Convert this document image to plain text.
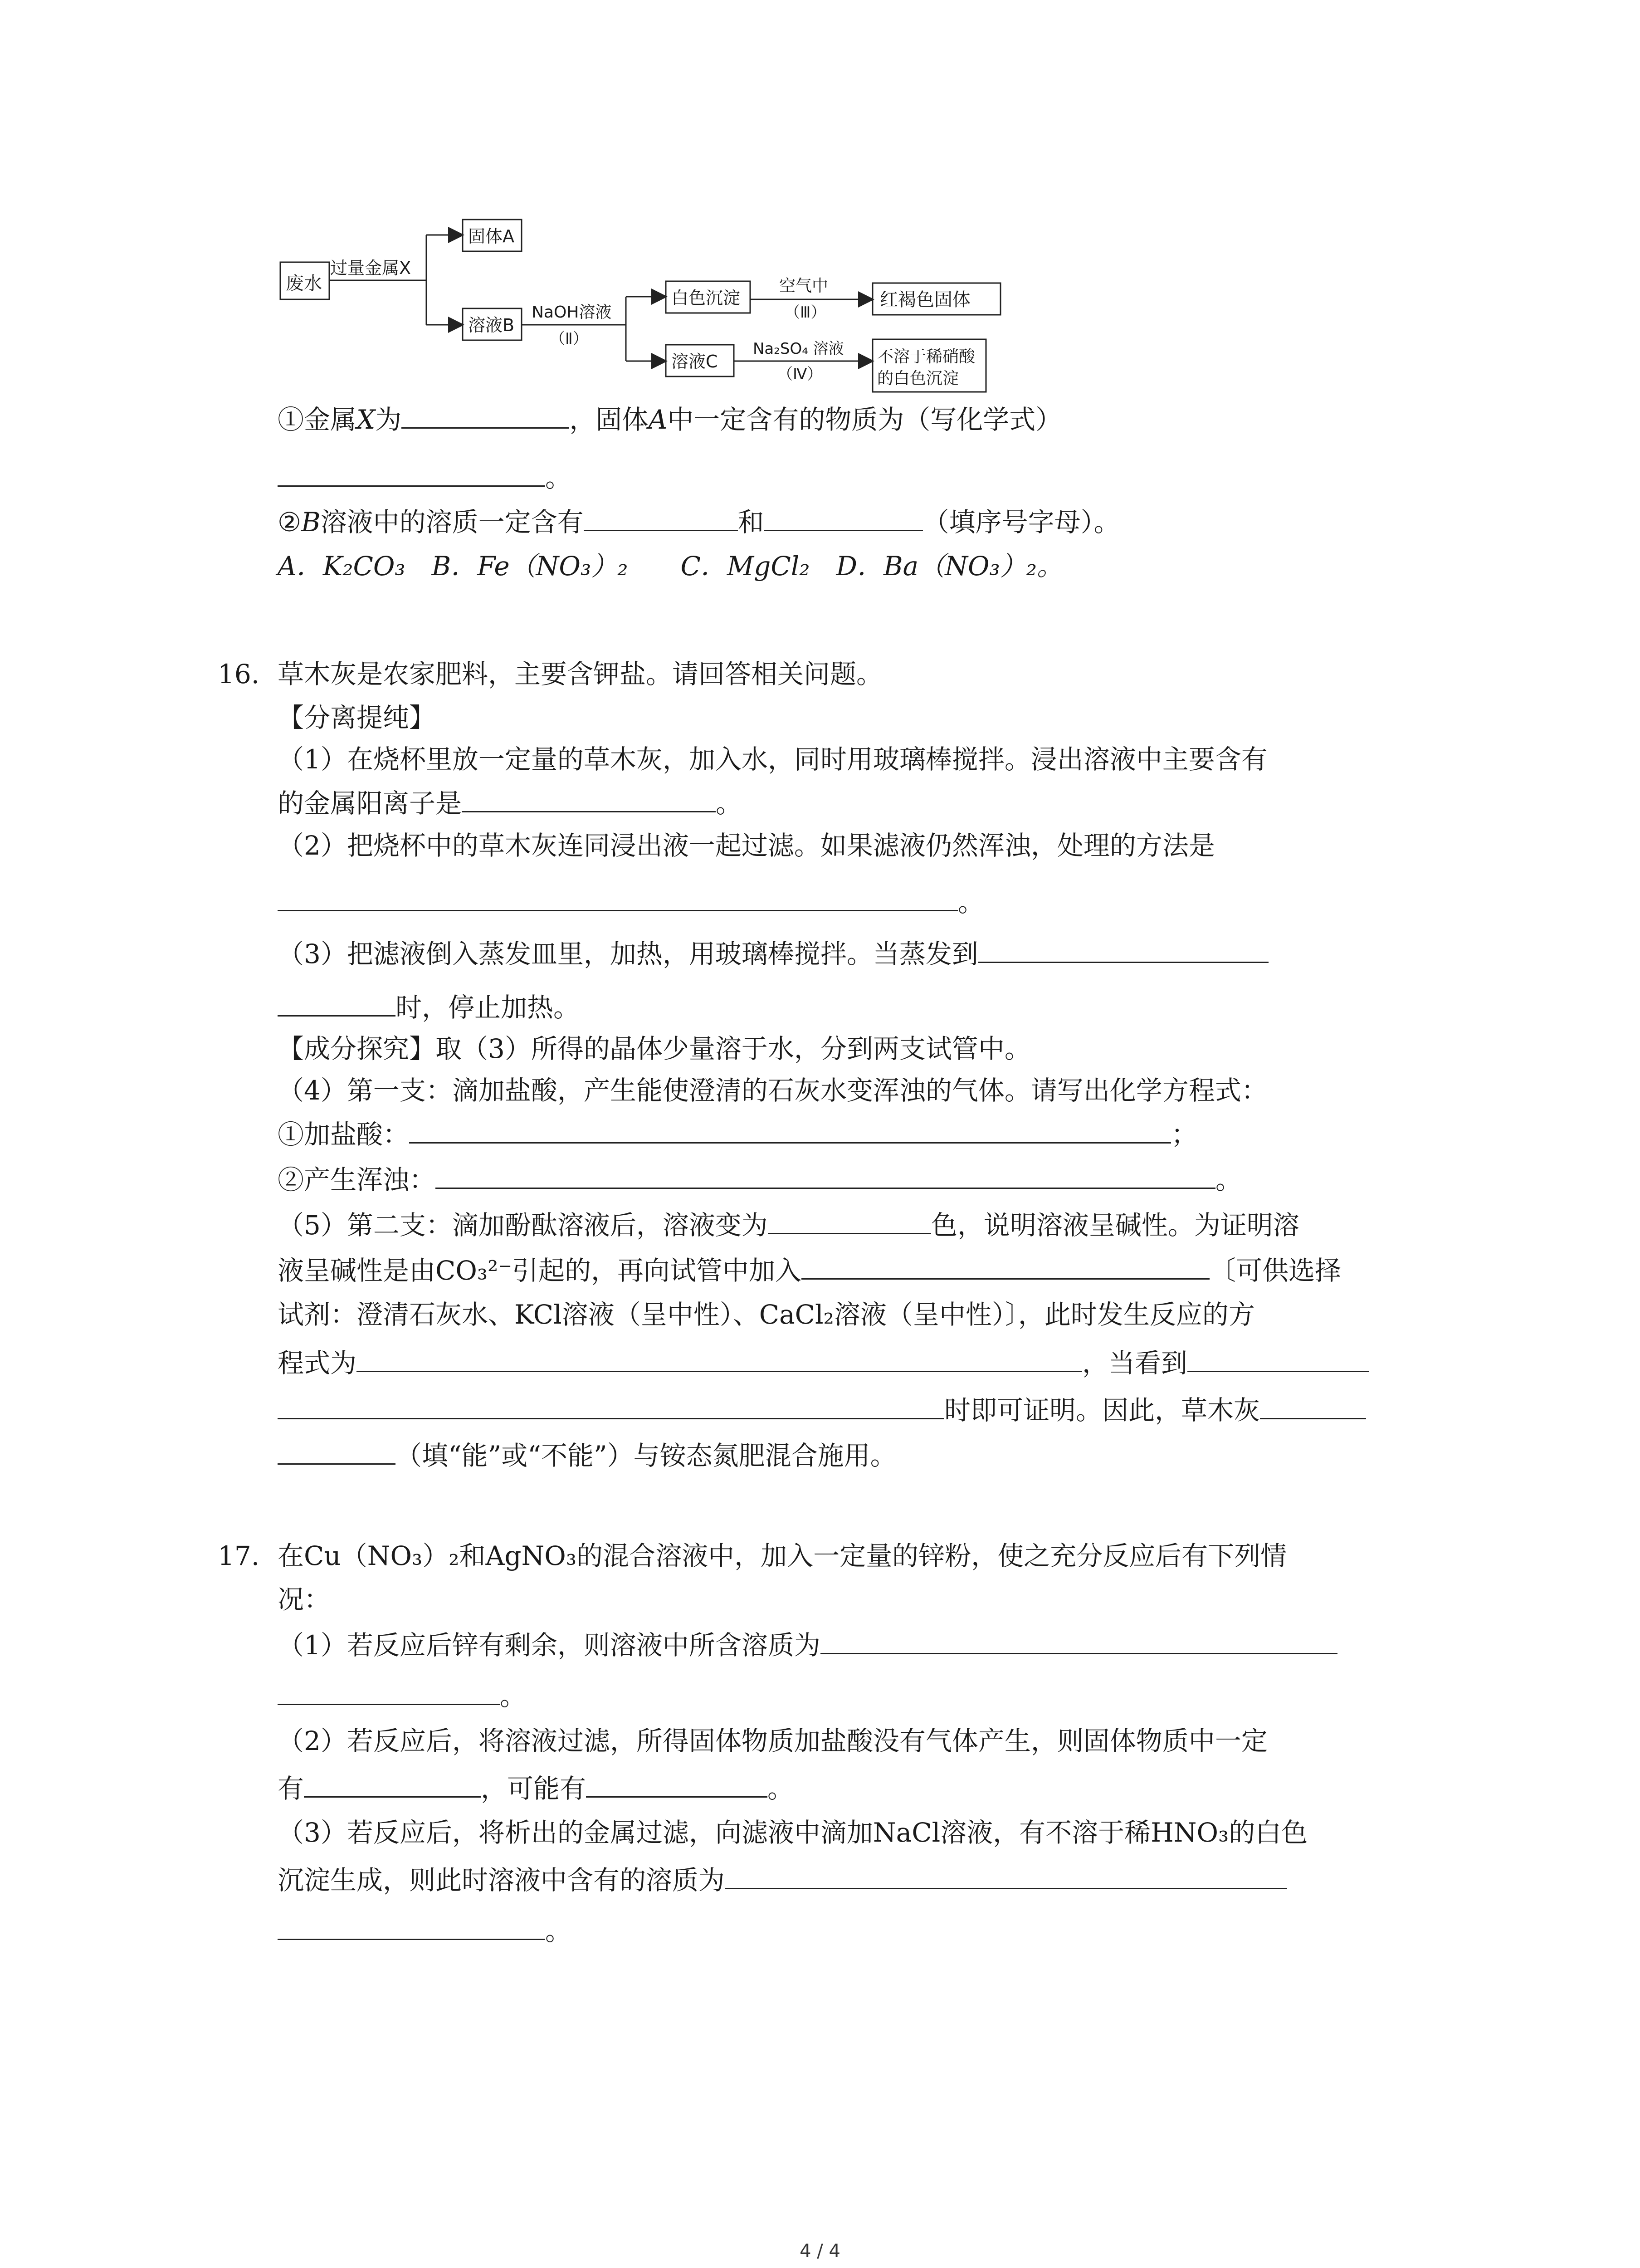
废水
过量金属X
固体A
溶液B
NaOH溶液
（Ⅱ）
白色沉淀
空气中
（Ⅲ）
红褐色固体
溶液C
Na₂SO₄ 溶液
（Ⅳ）
不溶于稀硝酸
的白色沉淀
①金属X为	，固体A中一定含有的物质为（写化学式）
。
②B溶液中的溶质一定含有	和	（填序号字母）。
A．K₂CO₃　B．Fe（NO₃）₂　　C．MgCl₂　D．Ba（NO₃）₂。
16. 草木灰是农家肥料，主要含钾盐。请回答相关问题。
【分离提纯】
（1）在烧杯里放一定量的草木灰，加入水，同时用玻璃棒搅拌。浸出溶液中主要含有
的金属阳离子是	。
（2）把烧杯中的草木灰连同浸出液一起过滤。如果滤液仍然浑浊，处理的方法是
。
（3）把滤液倒入蒸发皿里，加热，用玻璃棒搅拌。当蒸发到
时，停止加热。
【成分探究】取（3）所得的晶体少量溶于水，分到两支试管中。
（4）第一支：滴加盐酸，产生能使澄清的石灰水变浑浊的气体。请写出化学方程式：
①加盐酸：	；
②产生浑浊：	。
（5）第二支：滴加酚酞溶液后，溶液变为	色，说明溶液呈碱性。为证明溶
液呈碱性是由CO₃²⁻引起的，再向试管中加入	〔可供选择
试剂：澄清石灰水、KCl溶液（呈中性）、CaCl₂溶液（呈中性）〕，此时发生反应的方
程式为	，当看到
时即可证明。因此，草木灰
（填“能”或“不能”）与铵态氮肥混合施用。
17. 在Cu（NO₃）₂和AgNO₃的混合溶液中，加入一定量的锌粉，使之充分反应后有下列情
况：
（1）若反应后锌有剩余，则溶液中所含溶质为
。
（2）若反应后，将溶液过滤，所得固体物质加盐酸没有气体产生，则固体物质中一定
有	，可能有	。
（3）若反应后，将析出的金属过滤，向滤液中滴加NaCl溶液，有不溶于稀HNO₃的白色
沉淀生成，则此时溶液中含有的溶质为
。
4 / 4
